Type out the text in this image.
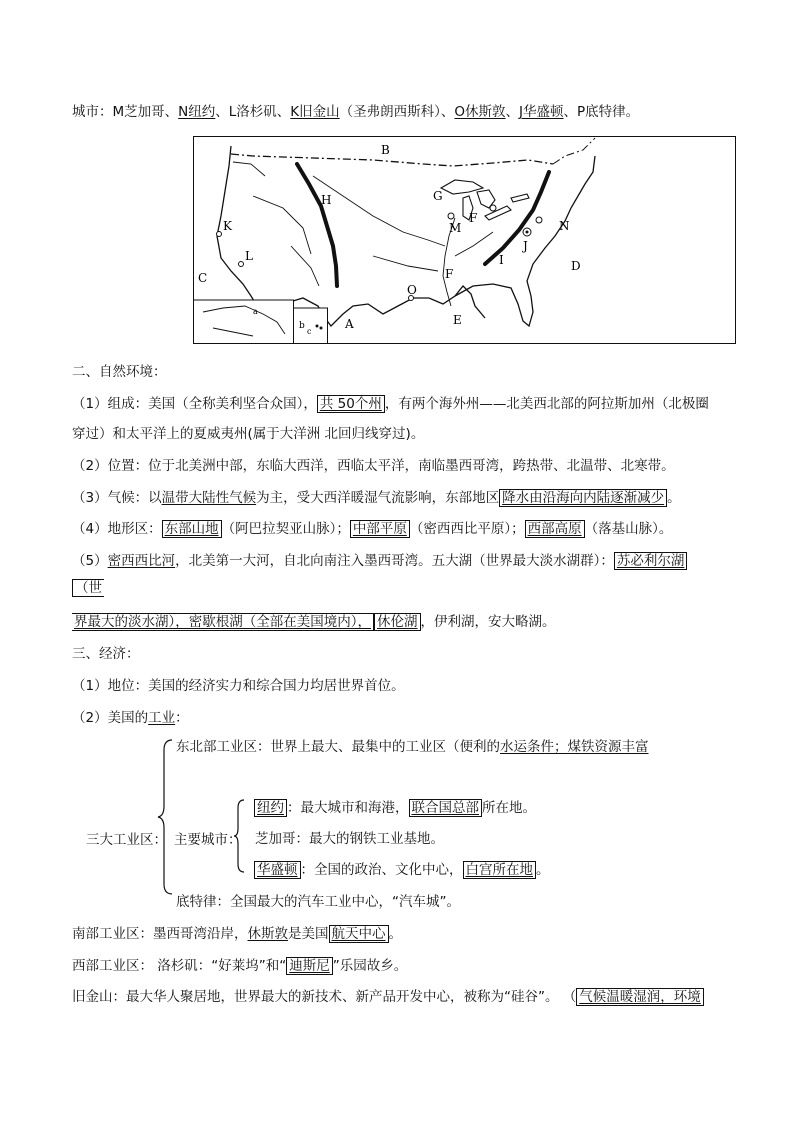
城市：M芝加哥、N纽约、L洛杉矶、K旧金山（圣弗朗西斯科）、O休斯敦、J华盛顿、P底特律。
B
H	G
F
M	N
J
I	D
F
O
E
A
K
L
C
a
b
c
二、自然环境：
（1）组成：美国（全称美利坚合众国）， 共 50个州 ，有两个海外州——北美西北部的阿拉斯加州（北极圈
穿过）和太平洋上的夏威夷州(属于大洋洲 北回归线穿过)。
（2）位置：位于北美洲中部，东临大西洋，西临太平洋，南临墨西哥湾，跨热带、北温带、北寒带。
（3）气候：以温带大陆性气候为主，受大西洋暖湿气流影响，东部地区 降水由沿海向内陆逐渐减少 。
（4）地形区： 东部山地 （阿巴拉契亚山脉）； 中部平原 （密西西比平原）； 西部高原 （落基山脉）。
（5）密西西比河，北美第一大河，自北向南注入墨西哥湾。五大湖（世界最大淡水湖群）： 苏必利尔湖
（世
界最大的淡水湖），密歇根湖（全部在美国境内）， 休伦湖 ，伊利湖，安大略湖。
三、经济：
（1）地位：美国的经济实力和综合国力均居世界首位。
（2）美国的工业：
三大工业区：
东北部工业区：世界上最大、最集中的工业区（便利的水运条件；煤铁资源丰富
主要城市：
纽约 ：最大城市和海港， 联合国总部 所在地。
芝加哥：最大的钢铁工业基地。
华盛顿 ：全国的政治、文化中心， 白宫所在地 。
底特律：全国最大的汽车工业中心，“汽车城”。
南部工业区：墨西哥湾沿岸，休斯敦是美国 航天中心 。
西部工业区： 洛杉矶：“好莱坞”和“ 迪斯尼 ”乐园故乡。
旧金山：最大华人聚居地，世界最大的新技术、新产品开发中心，被称为“硅谷”。 （ 气候温暖湿润，环境
